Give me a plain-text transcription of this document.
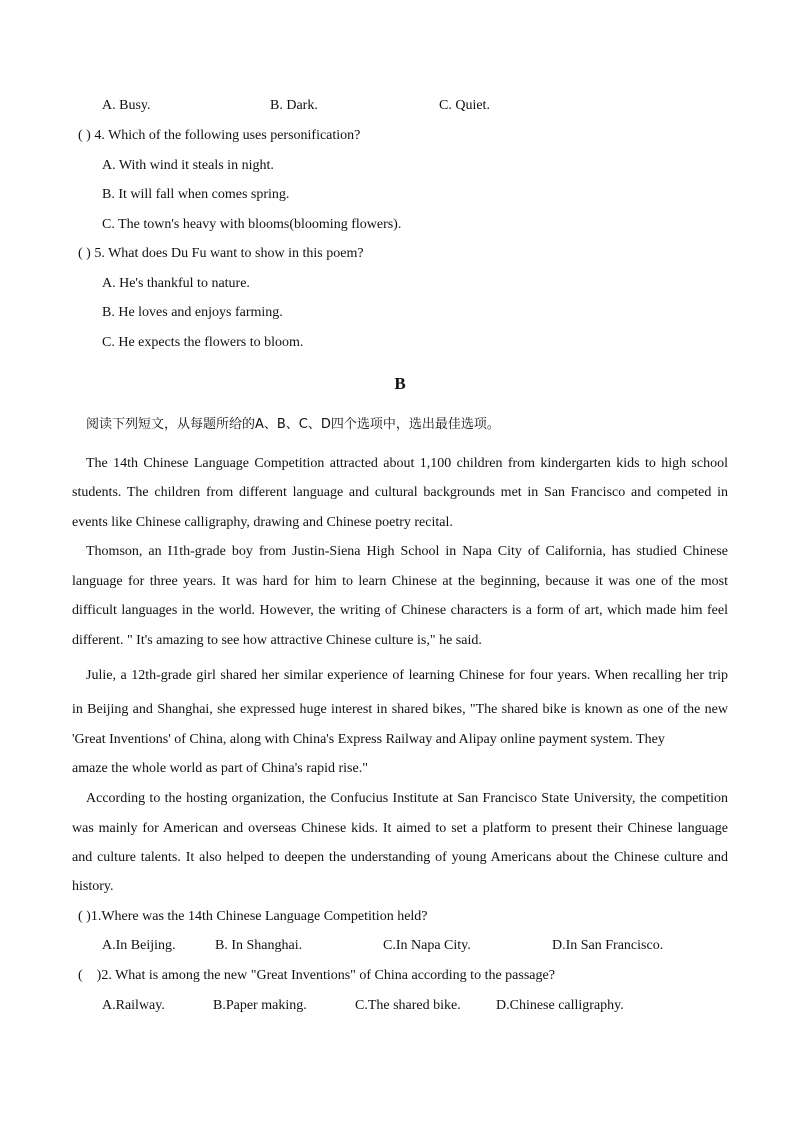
A. Busy.	B. Dark.	C. Quiet.
( ) 4. Which of the following uses personification?
A. With wind it steals in night.
B. It will fall when comes spring.
C. The town's heavy with blooms(blooming flowers).
( ) 5. What does Du Fu want to show in this poem?
A. He's thankful to nature.
B. He loves and enjoys farming.
C. He expects the flowers to bloom.
B
阅读下列短文，从每题所给的A、B、C、D四个选项中，选出最佳选项。
The 14th Chinese Language Competition attracted about 1,100 children from kindergarten kids to high school
students. The children from different language and cultural backgrounds met in San Francisco and competed in
events like Chinese calligraphy, drawing and Chinese poetry recital.
Thomson, an I1th-grade boy from Justin-Siena High School in Napa City of California, has studied Chinese
language for three years. It was hard for him to learn Chinese at the beginning, because it was one of the most
difficult languages in the world. However, the writing of Chinese characters is a form of art, which made him feel
different. " It's amazing to see how attractive Chinese culture is," he said.
Julie, a 12th-grade girl shared her similar experience of learning Chinese for four years. When recalling her trip
in Beijing and Shanghai, she expressed huge interest in shared bikes, "The shared bike is known as one of the new
'Great Inventions' of China, along with China's Express Railway and Alipay online payment system. They
amaze the whole world as part of China's rapid rise."
According to the hosting organization, the Confucius Institute at San Francisco State University, the competition
was mainly for American and overseas Chinese kids. It aimed to set a platform to present their Chinese language
and culture talents. It also helped to deepen the understanding of young Americans about the Chinese culture and
history.
( )1.Where was the 14th Chinese Language Competition held?
A.In Beijing.	B. In Shanghai.	C.In Napa City.	D.In San Francisco.
(    )2. What is among the new "Great Inventions" of China according to the passage?
A.Railway.	B.Paper making.	C.The shared bike.	D.Chinese calligraphy.
